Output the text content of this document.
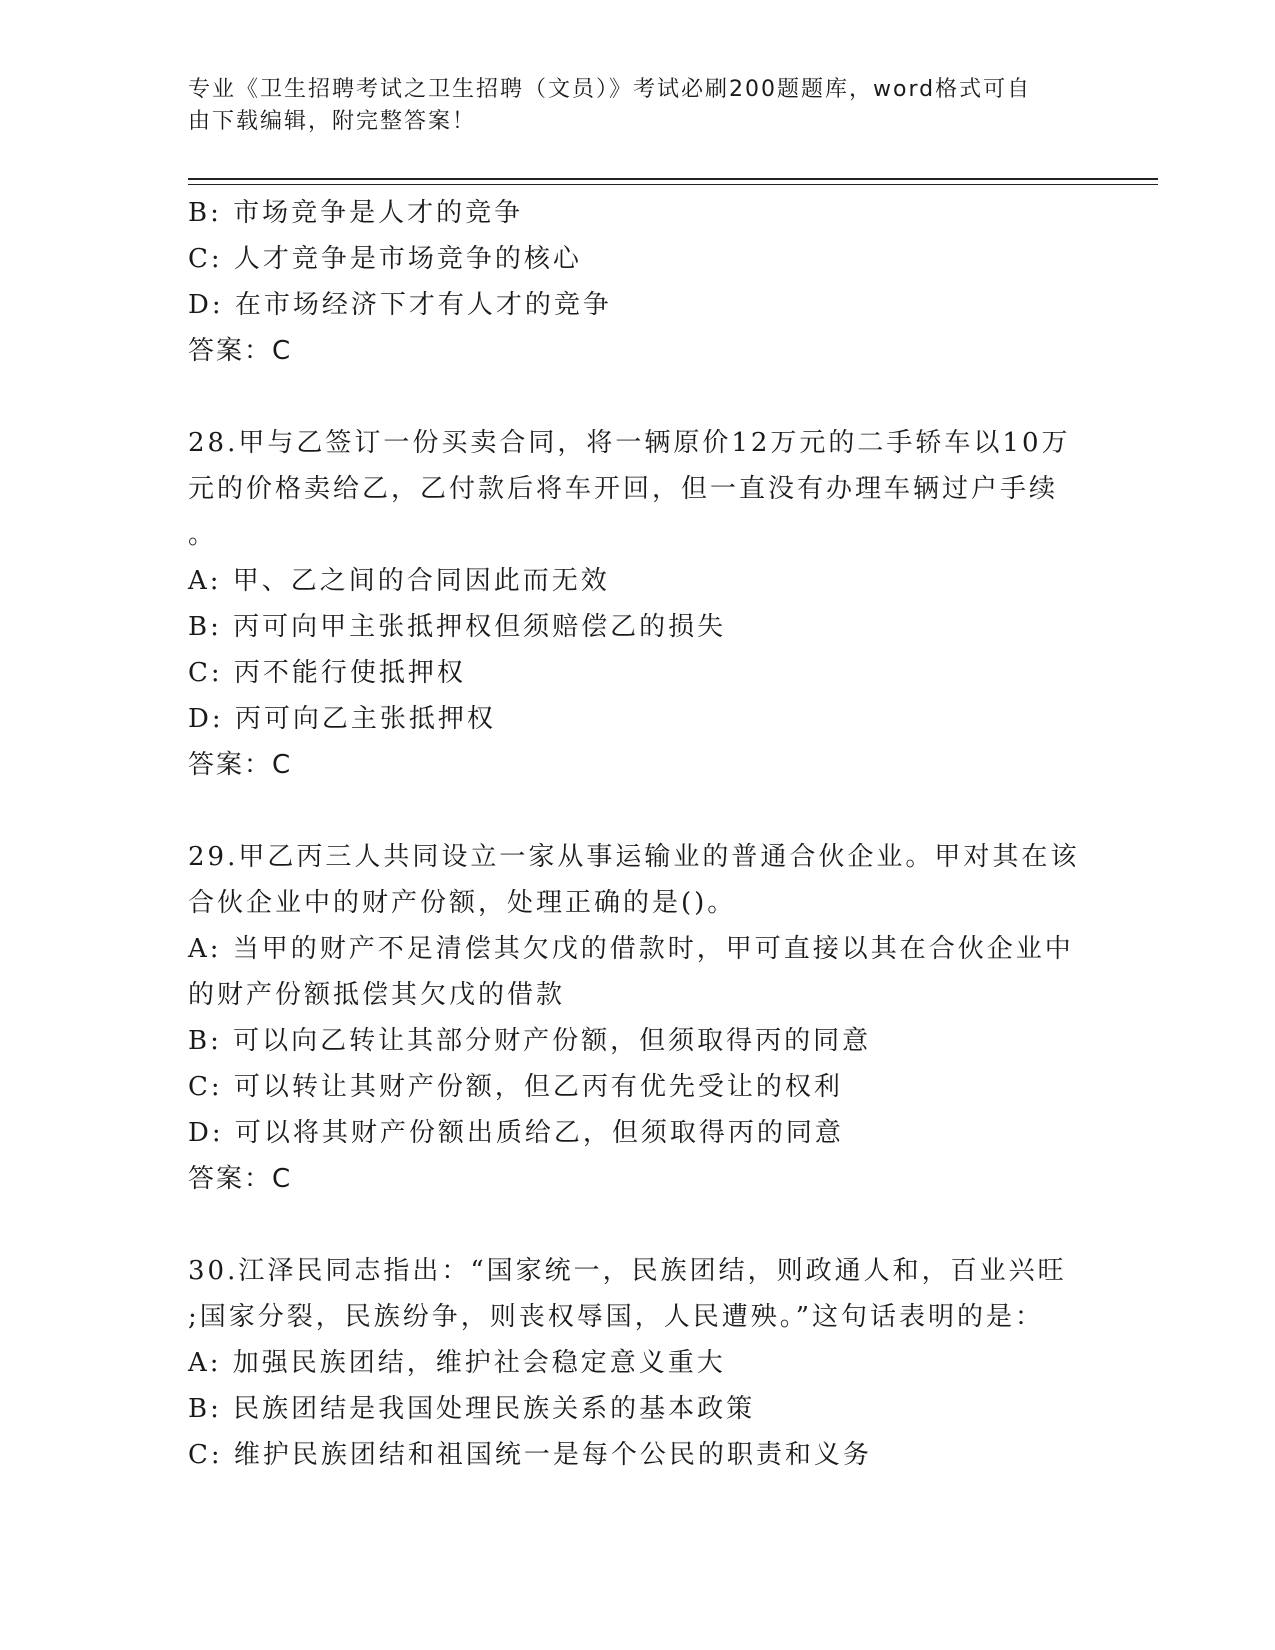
专业《卫生招聘考试之卫生招聘（文员）》考试必刷200题题库，word格式可自
由下载编辑，附完整答案！
B: 市场竞争是人才的竞争
C: 人才竞争是市场竞争的核心
D: 在市场经济下才有人才的竞争
答案：C
28.甲与乙签订一份买卖合同，将一辆原价12万元的二手轿车以10万
元的价格卖给乙，乙付款后将车开回，但一直没有办理车辆过户手续
。
A: 甲、乙之间的合同因此而无效
B: 丙可向甲主张抵押权但须赔偿乙的损失
C: 丙不能行使抵押权
D: 丙可向乙主张抵押权
答案：C
29.甲乙丙三人共同设立一家从事运输业的普通合伙企业。甲对其在该
合伙企业中的财产份额，处理正确的是()。
A: 当甲的财产不足清偿其欠戊的借款时，甲可直接以其在合伙企业中
的财产份额抵偿其欠戊的借款
B: 可以向乙转让其部分财产份额，但须取得丙的同意
C: 可以转让其财产份额，但乙丙有优先受让的权利
D: 可以将其财产份额出质给乙，但须取得丙的同意
答案：C
30.江泽民同志指出：“国家统一，民族团结，则政通人和，百业兴旺
;国家分裂，民族纷争，则丧权辱国，人民遭殃。”这句话表明的是：
A: 加强民族团结，维护社会稳定意义重大
B: 民族团结是我国处理民族关系的基本政策
C: 维护民族团结和祖国统一是每个公民的职责和义务
